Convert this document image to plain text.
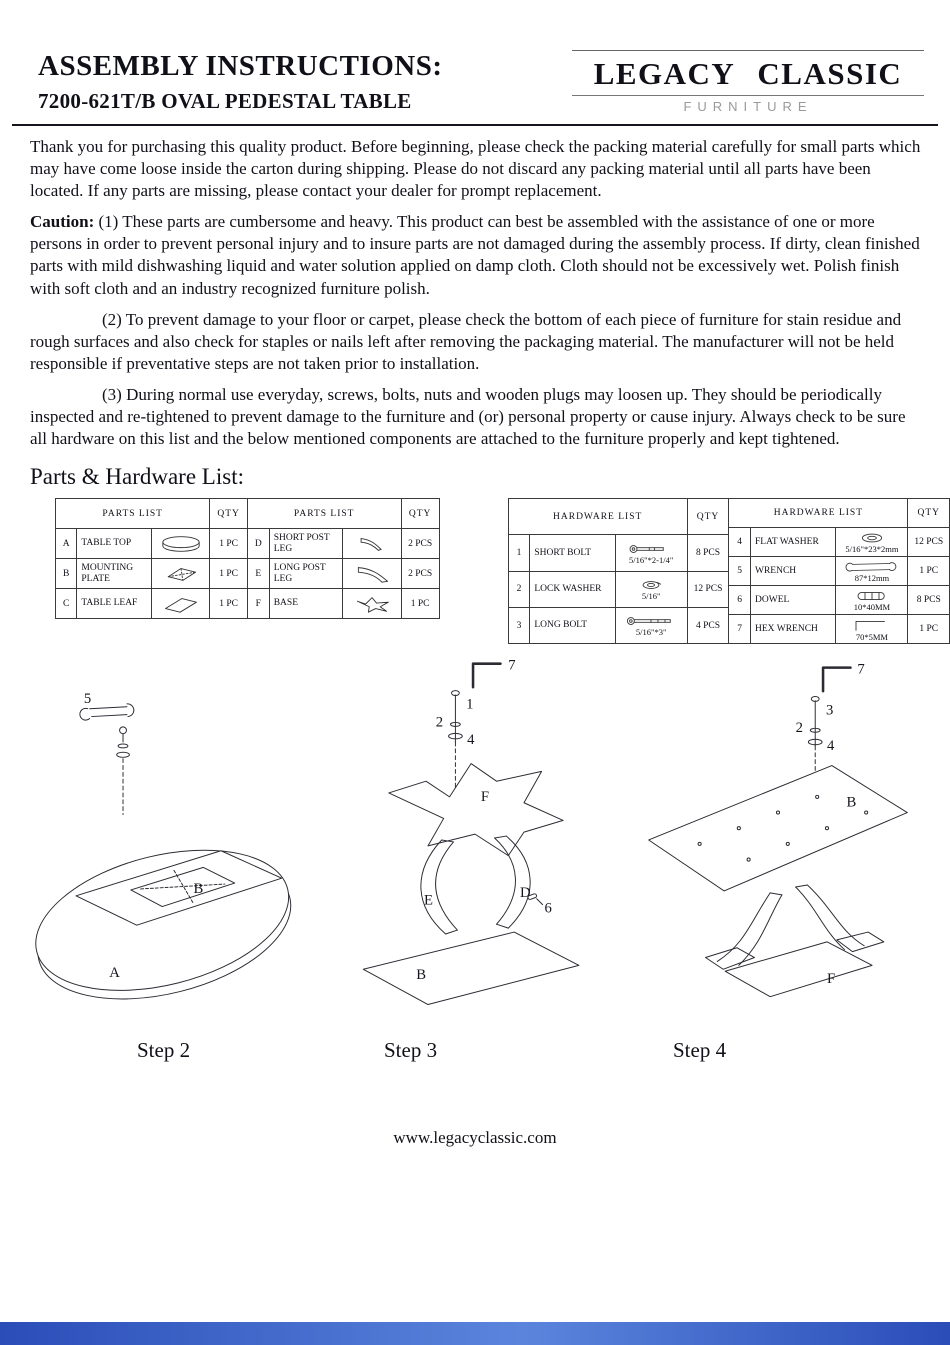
ASSEMBLY INSTRUCTIONS:
7200-621T/B OVAL PEDESTAL TABLE
LEGACY CLASSIC
FURNITURE

Thank you for purchasing this quality product. Before beginning, please check the packing material carefully for small parts which may have come loose inside the carton during shipping. Please do not discard any packing material until all parts have been located. If any parts are missing, please contact your dealer for prompt replacement.

Caution: (1) These parts are cumbersome and heavy. This product can best be assembled with the assistance of one or more persons in order to prevent personal injury and to insure parts are not damaged during the assembly process. If dirty, clean finished parts with mild dishwashing liquid and water solution applied on damp cloth. Cloth should not be excessively wet. Polish finish with soft cloth and an industry recognized furniture polish.

(2) To prevent damage to your floor or carpet, please check the bottom of each piece of furniture for stain residue and rough surfaces and also check for staples or nails left after removing the packaging material. The manufacturer will not be held responsible if preventative steps are not taken prior to installation.

(3) During normal use everyday, screws, bolts, nuts and wooden plugs may loosen up. They should be periodically inspected and re-tightened to prevent damage to the furniture and (or) personal property or cause injury. Always check to be sure all hardware on this list and the below mentioned components are attached to the furniture properly and kept tightened.

Parts & Hardware List:
PARTS LIST			QTY
A	TABLE TOP		1 PC
B	MOUNTING PLATE		1 PC
C	TABLE LEAF		1 PC
PARTS LIST			QTY
D	SHORT POST LEG		2 PCS
E	LONG POST LEG		2 PCS
F	BASE		1 PC
HARDWARE LIST			QTY
1	SHORT BOLT	5/16"*2-1/4"	8 PCS
2	LOCK WASHER	5/16"	12 PCS
3	LONG BOLT	5/16"*3"	4 PCS
HARDWARE LIST			QTY
4	FLAT WASHER	5/16"*23*2mm	12 PCS
5	WRENCH	87*12mm	1 PC
6	DOWEL	10*40MM	8 PCS
7	HEX WRENCH	70*5MM	1 PC
5
B
A
7
1
2
4
F
E	D
6
B
7
3
2
4
B
F
Step 2	Step 3	Step 4
www.legacyclassic.com
